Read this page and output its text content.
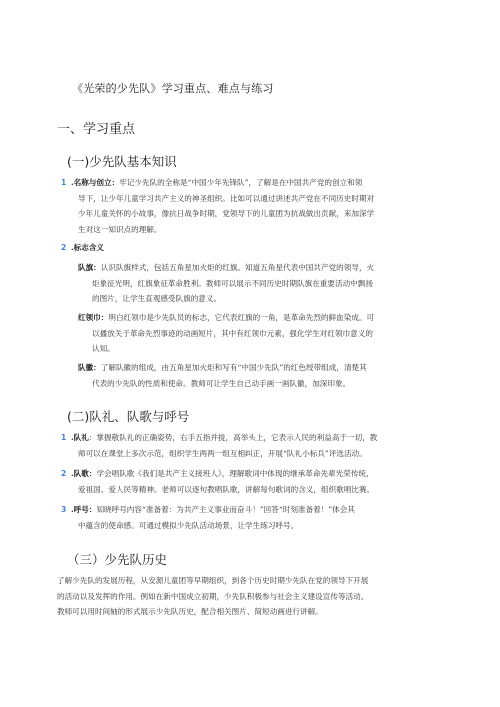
《光荣的少先队》学习重点、难点与练习
一、学习重点
(一)少先队基本知识
1 .名称与创立：牢记少先队的全称是“中国少年先锋队”，了解是在中国共产党的创立和领
导下，让少年儿童学习共产主义的神圣组织。比如可以通过讲述共产党在不同历史时期对
少年儿童关怀的小故事，像抗日战争时期，党领导下的儿童团为抗战做出贡献，来加深学
生对这一知识点的理解。
2 .标志含义
队旗：认识队旗样式，包括五角星加火炬的红旗。知道五角星代表中国共产党的领导，火
炬象征光明，红旗象征革命胜利。教师可以展示不同历史时期队旗在重要活动中飘扬
的图片，让学生直观感受队旗的意义。
红领巾：明白红领巾是少先队员的标志，它代表红旗的一角，是革命先烈的鲜血染成。可
以播放关于革命先烈事迹的动画短片，其中有红领巾元素，强化学生对红领巾意义的
认知。
队徽：了解队徽的组成，由五角星加火炬和写有“中国少先队”的红色绶带组成，清楚其
代表的少先队的性质和使命。教师可让学生自己动手画一画队徽，加深印象。
(二)队礼、队歌与呼号
1 .队礼：掌握敬队礼的正确姿势，右手五指并拢，高举头上，它表示人民的利益高于一切，教
师可以在课堂上多次示范，组织学生两两一组互相纠正，开展“队礼小标兵”评选活动。
2 .队歌：学会唱队歌《我们是共产主义接班人》，理解歌词中体现的继承革命先辈光荣传统，
爱祖国、爱人民等精神。老师可以逐句教唱队歌，讲解每句歌词的含义，组织歌唱比赛。
3 .呼号：知晓呼号内容“准备着：为共产主义事业而奋斗！”回答“时刻准备着！”体会其
中蕴含的使命感。可通过模拟少先队活动场景，让学生练习呼号。
（三）少先队历史
了解少先队的发展历程，从安源儿童团等早期组织，到各个历史时期少先队在党的领导下开展
的活动以及发挥的作用。例如在新中国成立初期，少先队积极参与社会主义建设宣传等活动。
教师可以用时间轴的形式展示少先队历史，配合相关图片、简短动画进行讲解。
